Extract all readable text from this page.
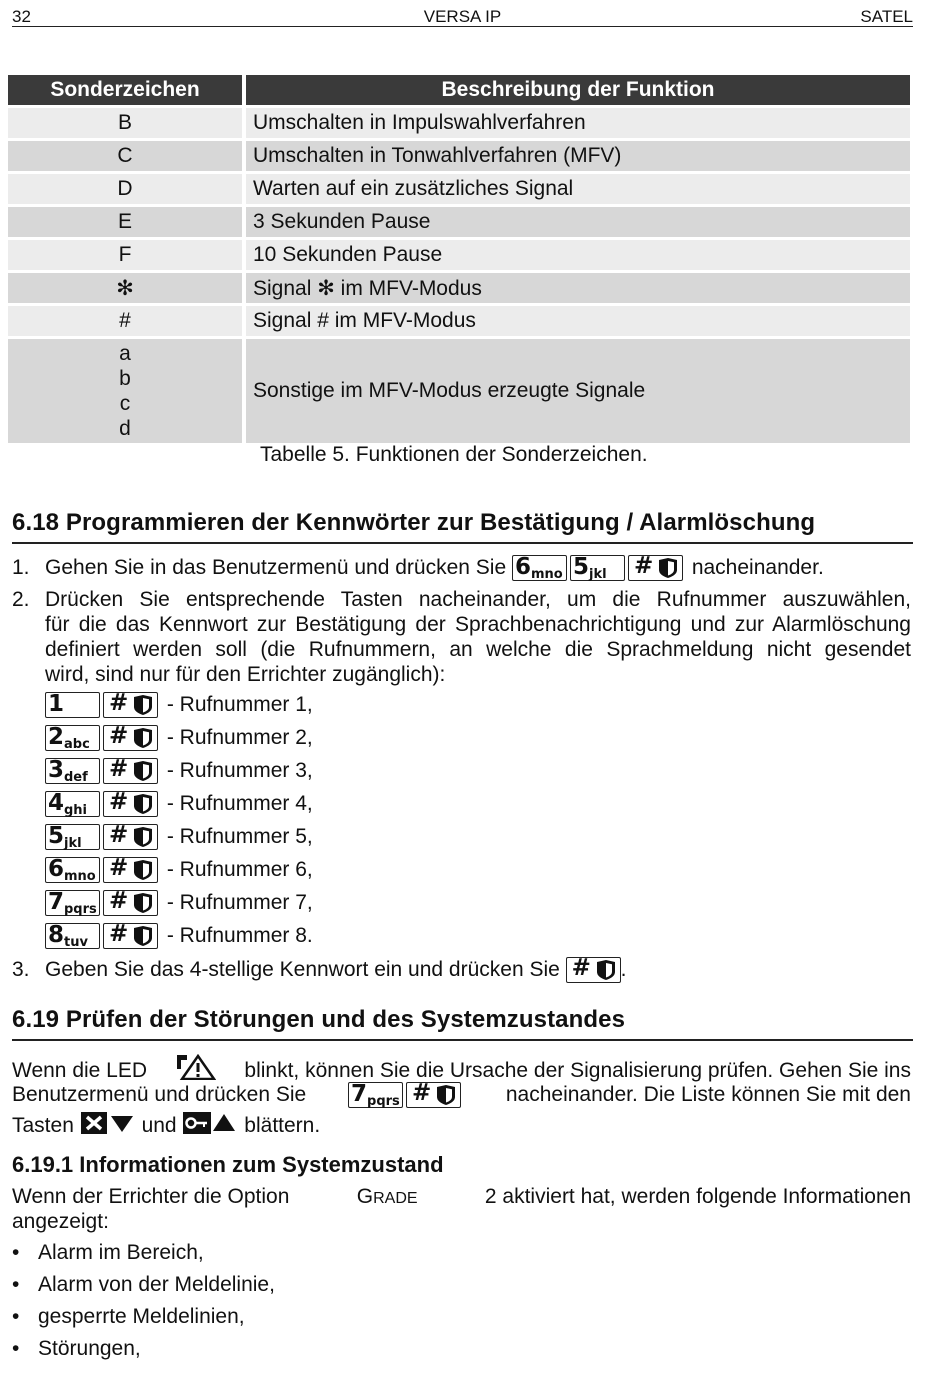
32	VERSA IP	SATEL
Sonderzeichen	Beschreibung der Funktion
B	Umschalten in Impulswahlverfahren
C	Umschalten in Tonwahlverfahren (MFV)
D	Warten auf ein zusätzliches Signal
E	3 Sekunden Pause
F	10 Sekunden Pause
✻	Signal ✻ im MFV-Modus
#	Signal # im MFV-Modus

a
b
c
d	Sonstige im MFV-Modus erzeugte Signale
Tabelle 5. Funktionen der Sonderzeichen.
6.18 Programmieren der Kennwörter zur Bestätigung / Alarmlöschung
1. Gehen Sie in das Benutzermenü und drücken Sie 6 mno 5 jkl # nacheinander.
2. Drücken Sie entsprechende Tasten nacheinander, um die Rufnummer auszuwählen,
für die das Kennwort zur Bestätigung der Sprachbenachrichtigung und zur Alarmlöschung
definiert werden soll (die Rufnummern, an welche die Sprachmeldung nicht gesendet
wird, sind nur für den Errichter zugänglich):
1 # - Rufnummer 1,
2 abc # - Rufnummer 2,
3 def # - Rufnummer 3,
4 ghi # - Rufnummer 4,
5 jkl # - Rufnummer 5,
6 mno # - Rufnummer 6,
7 pqrs # - Rufnummer 7,
8 tuv # - Rufnummer 8.
3. Geben Sie das 4-stellige Kennwort ein und drücken Sie # .
6.19 Prüfen der Störungen und des Systemzustandes
Wenn die LED	blinkt, können Sie die Ursache der Signalisierung prüfen. Gehen Sie ins
Benutzermenü und drücken Sie 7 pqrs #	nacheinander. Die Liste können Sie mit den
Tasten	und	blättern.
6.19.1 Informationen zum Systemzustand
Wenn der Errichter die Option	GRADE	2 aktiviert hat, werden folgende Informationen
angezeigt:
• Alarm im Bereich,
• Alarm von der Meldelinie,
• gesperrte Meldelinien,
• Störungen,
